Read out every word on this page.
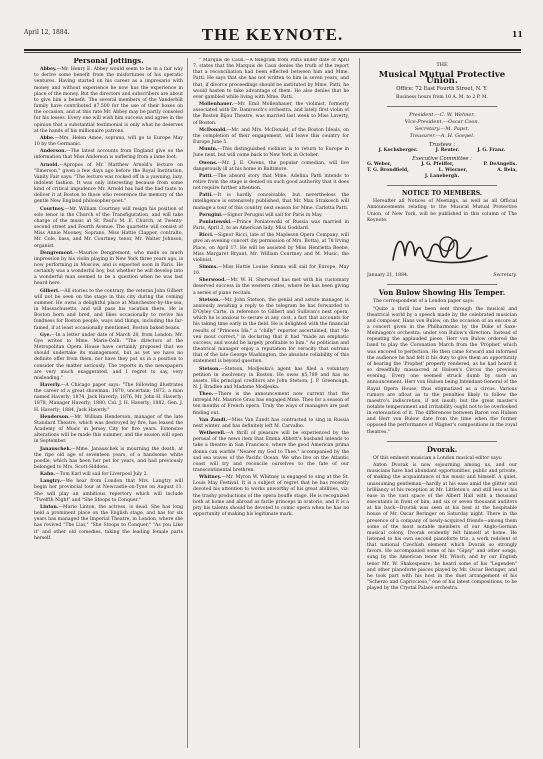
April 12, 1884.	THE KEYNOTE.	11
Personal Jottings.

Abbey.—Mr. Henry E. Abbey would seem to be in a fair way to derive some benefit from the misfortunes of his operatic ventures. Having started on his career as a impresario with money and without experience he now has the experience in place of the money. But the directors and subscribers are about to give him a benefit. The several members of the Vanderbilt family have contributed $7,500 for the use of their boxes on the occasion, and at this rate Mr. Abbey may be partly consoled for his losses. Every one will wish him success and agree in the opinion that a substantial testimonial is only what he deserves at the hands of his millionaire patrons.

Abbe.—Mrs. Helen Amee, soprano, will go to Europe May 10 by the Germanic.

Anderson.—The latest accounts from England give us the information that Miss Anderson is suffering from a lame foot.

Arnold.—Apropos of Mr. Matthew Arnold's lecture on "Emerson," given a few days ago before the Royal Institution, Vanity Fair says: "The lecture was rocked off in a yawning, lazy, indolent fashion. It was only interesting because from some kind of critical impudence Mr. Arnold has had the bad taste to deliver it at Boston to those who reverence the memory of the gentle New England philosopher-poet."

Courtney.—Mr. William Courtney will resign his position of solo tenor in the Church of the Transfiguration, and will take charge of the music at St. Paul's M. E. Church, at Twenty-second street and Fourth Avenue. The quartette will consist of Miss Annie Mooney, Soprano, Miss Hattie Clapper, contralto, Mr. Cole, bass, and Mr. Courtney, tenor, Mr. Walter Johnson, organist.

Dengremont.—Maurice Dengremont, who made so much impression by his violin playing in New York three years ago, is now performing in Moscow, and is expected soon in Paris. He certainly was a wonderful boy, but whether he will develop into a wonderful man seemed to be a question when he was last heard here.

Gilbert.—All stories to the contrary, the veteran John Gilbert will not be seen on the stage in this city during the coming summer. He owns a delightful place at Manchester-by-the-sea, in Massachusetts, and will pass his vacation there. He is Boston born and bred, and likes occasionally to revive his fondness for Boston people, ways and things, including the far-famed, if at least occasionally mentioned, Boston baked beans.

Gye.—In a letter under date of March 28, from London, Mr. Gye writes to Mme. Marie-Colli: "The directors of the Metropolitan Opera House have certainly proposed that we should undertake its management, but as yet we have no definite offer from them, nor have they put us in a position to consider the matter seriously. The reports in the newspapers are very much exaggerated, and I regret to say, very misleading."

Haverly.—A Chicago paper says: "The following illustrates the career of a great showman: 1870, uncertain; 1872, a man named Haverly; 1874, Jack Haverly; 1876, Mr. John H. Haverly; 1878, Manager Haverly; 1880, Col. J. H. Haverly; 1882, Gen. J. H. Haverly; 1884, Jack Haverly."

Henderson.—Mr. William Henderson, manager of the late Standard Theatre, which was destroyed by fire, has leased the Academy of Music in Jersey City for five years. Extensive alterations will be made this summer, and the season will open in September.

Janauschek.—Mme. Janauschek is mourning the death, at the ripe old age of seventeen years, of a handsome white poodle, which has been her pet for years, and had previously belonged to Mrs. Scott-Siddons.

Kahn.—Tom Karl will sail for Liverpool July 2.

Langtry.—We hear from London that Mrs. Langtry will begin her provincial tour at Newcastle-on-Tyne on August 11. She will play an ambitious repertory which will include "Twelfth Night" and "She Stoops to Conquer."

Linton.—Marie Linton, the actress, is dead. She has long held a prominent place on the English stage, and has for six years has managed the Imperial Theatre, in London, where she has revived "The Liar," "She Stoops to Conquer," "As you Like it" and other old comedies, taking the leading female parts herself.

" Marquis de Caux.—A telegram from Paris under date of April 7, states that the Marquis de Caux denies the truth of the report that a reconciliation had been effected between him and Mme. Patti. He says that she has not written to him in seven years, and that, if divorce proceedings should be instituted by Mme. Patti, he would hasten to take advantage of them. He also denies that he ever gambled while living with Mme. Patti.

Mollenhauer.—Mr. Emil Mollenhauer, the violinist, formerly associated with Dr. Damrosch's orchestra, and lately first violin of the Boston Bijou Theatre, was married last week to Miss Laverty, of Boston.

McDonald.—Mr. and Mrs. McDonald, of the Boston Ideals, on the completion of their engagement, will leave this country for Europe June 5.

Munin.—This distinguished violinist is to return to Europe in June next, but will come back to New York in October.

Owens.—Mr. J. E. Owens, the popular comedian, will live dangerously ill at his home in Baltimore.

Patti.—The absurd story that Mme. Adelina Patti intends to retire from the stage is denied on such good authority that it does not require further attention.

Patti.—It is hardly conceivable, but nevertheless the intelligence is extensively published, that Mr. Max Strakosch will manage a tour of this country next season for Mme. Carlotta Patti.

Perugini.—Signor Perugini will sail for Paris in May.

Poniatowski.—Prince Poniatowski of Russia was married in Paris, April 3, to an American lady, Miss Goddard.

Ricci.—Signor Ricci, late of the Mapleson Opera Company, will give an evening concert (by permission of Mrs. Botta), at 78 Irving Place, on April 17. He will be assisted by Miss Henrietta Beebe, Miss Margaret Bryant, Mr. William Courtney and M. Music, the violinist.

Simms.—Miss Hattie Louise Simms will sail for Europe, May 10.

Sherwood.—Mr. W. H. Sherwood has met with his customary deserved success in the western cities, where he has been giving a series of piano recitals.

Stetson.—Mr. John Stetson, the genial and astute manager, is anxiously awaiting a reply to the telegram he has forwarded to D'Oyley Carte, in reference to Gilbert and Sullivan's next opera, which he is anxious to secure at any cost, a fact that accounts for his taking time early in the field. He is delighted with the financial results of "Princess Ida," a "chilly" reporter ascertained, that "de ven mout correct," in declaring that it had "made an emphatic success, and would be largely profitable to him." As politician and theatrical manager enjoy a reputation for veracity that outruns that of the late George Washington, the absolute reliability of this statement is beyond question.

Stetson.—Stetson, Modjeska's agent has filed a voluntary petition in insolvency in Boston. He owes $5,789 and has no assets. His principal creditors are John Stetson, J. P. Greenough, N. J. Bradlee and Madame Modjeska.

Theo.—There is the announcement now current that the intrepid Mr. Maurice Grau has engaged Mme. Theo for a season of ten months of French opera. Truly the ways of managers are past finding out.

Van Zandt.—Miss Van Zandt has contracted to sing in Russia next winter, and has definitely left M. Carvalho.

Wetherell.—A thrill of pleasure will be experienced by the perusal of the news item that Emma Abbott's husband intends to take a theatre in San Francisco, where the good American prima donna can warble "Nearer my God to Thee," accompanied by the sad sea waves of the Pacific Ocean. We who live on the Atlantic coast will try and reconcile ourselves to the fate of our transcontinental brethren.

Whitney.—Mr. Myron W. Whitney is engaged to sing at the St. Louis May Festival. It is a subject of regret that he has recently devoted his attention to works unworthy of his great abilities, viz: the trashy productions of the opera bouffe stage. He is recognized both at home and abroad as facile princeps in oratorio, and it is a pity his talents should be devoted to comic opera when he has no opportunity of making his legitimate mark.

THE
Musical Mutual Protective Union.
Office: 72 East Fourth Street, N. Y.
Business hours from 10 A. M. to 2 P. M.
President.—C. W. Wehner.
Vice-President.—Oscar Coon.
Secretary.—M. Papst.
Treasurer.—A. H. Goepel.
Trustees :
J. Kochsberger.	J. Reuter.	J. G. Franz.
Executive Committee :
G. Weber,	J. G. Pfeiffer,	P. DeAngelis.
T. G. Brondfield,	L. Wierner,	A. Bela,
J. Lanebergh.
NOTICE TO MEMBERS.

Hereafter all Notices of Meetings, as well as all Official Announcements relating to the Musical Mutual Protective Union, of New York, will be published in this column of The Keynote.

January 21, 1884.	Secretary.
Von Bulow Showing His Temper.

The correspondent of a London paper says:

"Quite a thrill has been sent through the musical and theatrical world by a speech made by the celebrated musician and composer, Hans von Bulow, on the occasion of an encore at a concert given in the Philharmonic by the Duke of Saxe-Meiningen's orchestra, under von Bulow's direction. Instead of repeating the applauded piece, Herr von Bulow ordered the band to play the Coronation March from the 'Prophet' which was encored to perfection. He then came forward and informed the audience he had felt it his duty to give them an opportunity of hearing the 'Prophet' properly rendered, as he had heard it so dreadfully massacred at Hulsen's Circus the previous evening. Every one seemed struck dumb by such an announcement. Herr von Hulsen being Intendant-General of the Royal Opera House, thus stigmatized as a circus. Various rumors are afloat as to the penalties likely to follow the maestro's indiscretion, if not insult; but the great master's notable temperament and irritability ought not to be overlooked in extenuation of it. The differences between Baron von Hulsen and Herr von Bulow date from the time when the former opposed the performance of Wagner's compositions in the royal theatres."

Dvorak.

Of this eminent musician a London musical editor says:

Anton Dvorak is now sojourning among us, and our musicians have had abundant opportunities, public and private, of making the acquaintance of his music and himself. A quiet, unassuming gentleman—hardly at his ease amid the glitter and brilliancy of his reception at Mr. Littleton's, and still less at his ease in the vast space of the Albert Hall with a thousand executants in front of him, and six or seven thousand auditors at his back—Dvorak was seen at his best at the hospitable house of Mr. Oscar Beringer on Saturday night. There in the presence of a company of newly-acquired friends—among them some of the most notable members of our Anglo-German musical colony, Dvorak evidently felt himself at home. He listened to his own second pianoforte trio, a work redolent of that national Czechish element which Dvorak so strongly favors. He accompanied some of his "Gipsy" and other songs, sung by the American tenor Mr. Winch, and by our English tenor Mr. W. Shakespeare; he heard some of his "Legenden" and other pianoforte pieces played by Mr. Oscar Beringer, and he took part with his host in the duet arrangement of his "Scherzo and Capriccioso," one of his latest compositions, to be played by the Crystal Palace orchestra.
